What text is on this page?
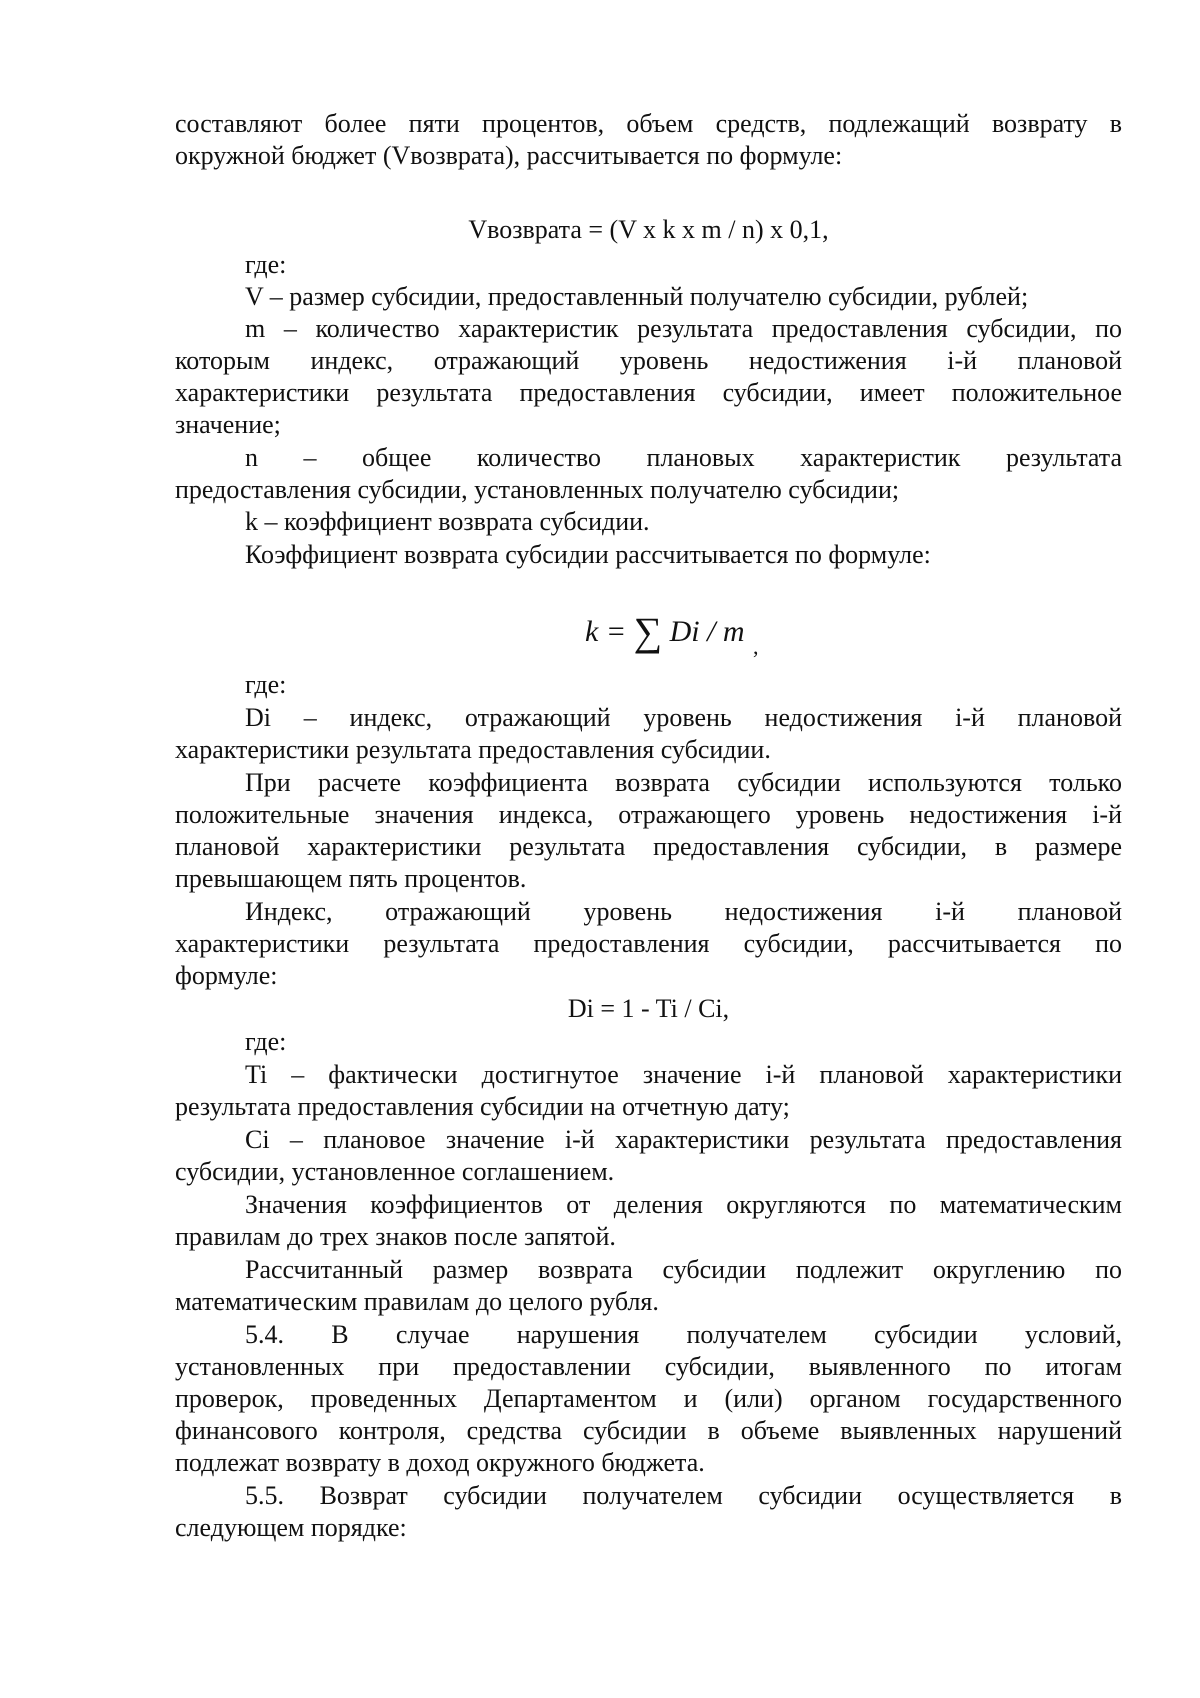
составляют более пяти процентов, объем средств, подлежащий возврату в
окружной бюджет (Vвозврата), рассчитывается по формуле:
Vвозврата = (V x k x m / n) x 0,1,
где:
V – размер субсидии, предоставленный получателю субсидии, рублей;
m – количество характеристик результата предоставления субсидии, по
которым индекс, отражающий уровень недостижения i-й плановой
характеристики результата предоставления субсидии, имеет положительное
значение;
n – общее количество плановых характеристик результата
предоставления субсидии, установленных получателю субсидии;
k – коэффициент возврата субсидии.
Коэффициент возврата субсидии рассчитывается по формуле:
k = ∑ Di / m ,
где:
Di – индекс, отражающий уровень недостижения i-й плановой
характеристики результата предоставления субсидии.
При расчете коэффициента возврата субсидии используются только
положительные значения индекса, отражающего уровень недостижения i-й
плановой характеристики результата предоставления субсидии, в размере
превышающем пять процентов.
Индекс, отражающий уровень недостижения i-й плановой
характеристики результата предоставления субсидии, рассчитывается по
формуле:
Di = 1 - Ti / Ci,
где:
Ti – фактически достигнутое значение i-й плановой характеристики
результата предоставления субсидии на отчетную дату;
Ci – плановое значение i-й характеристики результата предоставления
субсидии, установленное соглашением.
Значения коэффициентов от деления округляются по математическим
правилам до трех знаков после запятой.
Рассчитанный размер возврата субсидии подлежит округлению по
математическим правилам до целого рубля.
5.4. В случае нарушения получателем субсидии условий,
установленных при предоставлении субсидии, выявленного по итогам
проверок, проведенных Департаментом и (или) органом государственного
финансового контроля, средства субсидии в объеме выявленных нарушений
подлежат возврату в доход окружного бюджета.
5.5. Возврат субсидии получателем субсидии осуществляется в
следующем порядке:
